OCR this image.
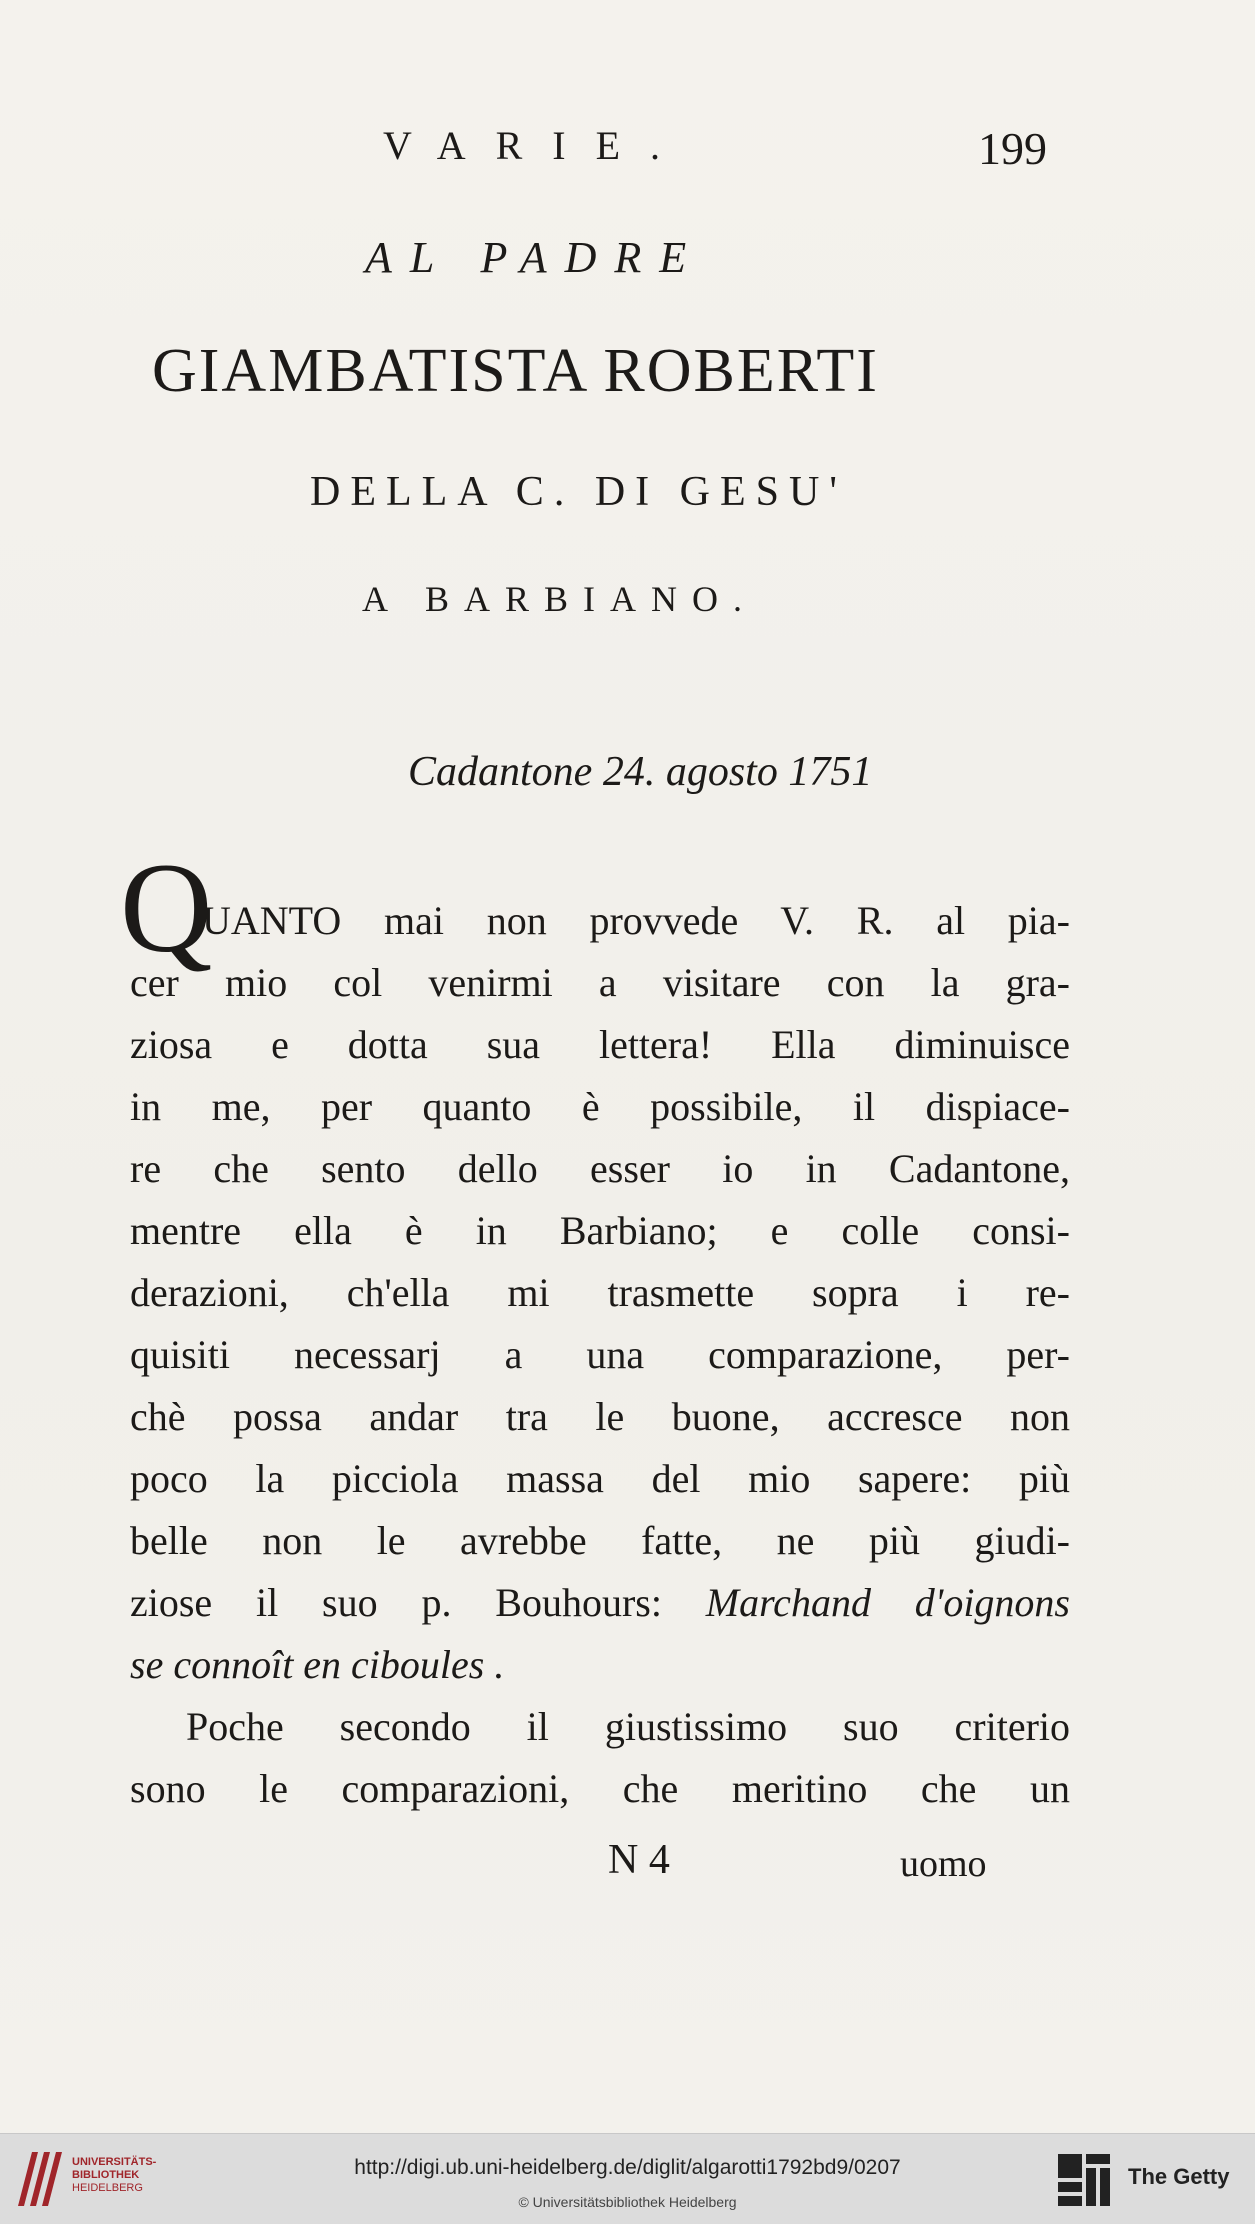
VARIE.	199
AL PADRE
GIAMBATISTA ROBERTI
DELLA C. DI GESU'
A BARBIANO.
Cadantone 24. agosto 1751
Q
UANTO mai non provvede V. R. al pia-
cer mio col venirmi a visitare con la gra-
ziosa e dotta sua lettera! Ella diminuisce
in me, per quanto è possibile, il dispiace-
re che sento dello esser io in Cadantone,
mentre ella è in Barbiano; e colle consi-
derazioni, ch'ella mi trasmette sopra i re-
quisiti necessarj a una comparazione, per-
chè possa andar tra le buone, accresce non
poco la picciola massa del mio sapere: più
belle non le avrebbe fatte, ne più giudi-
ziose il suo p. Bouhours: Marchand d'oignons
se connoît en ciboules .
Poche secondo il giustissimo suo criterio
sono le comparazioni, che meritino che un
N 4	uomo
UNIVERSITÄTS-
BIBLIOTHEK
HEIDELBERG
http://digi.ub.uni-heidelberg.de/diglit/algarotti1792bd9/0207
© Universitätsbibliothek Heidelberg
The Getty
